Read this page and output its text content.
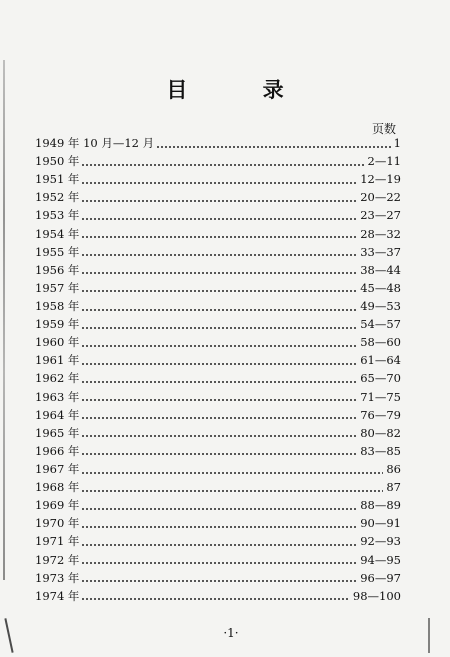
目 录
页数
1949 年 10 月—12 月	1
1950 年	2—11
1951 年	12—19
1952 年	20—22
1953 年	23—27
1954 年	28—32
1955 年	33—37
1956 年	38—44
1957 年	45—48
1958 年	49—53
1959 年	54—57
1960 年	58—60
1961 年	61—64
1962 年	65—70
1963 年	71—75
1964 年	76—79
1965 年	80—82
1966 年	83—85
1967 年	86
1968 年	87
1969 年	88—89
1970 年	90—91
1971 年	92—93
1972 年	94—95
1973 年	96—97
1974 年	98—100
·1·
